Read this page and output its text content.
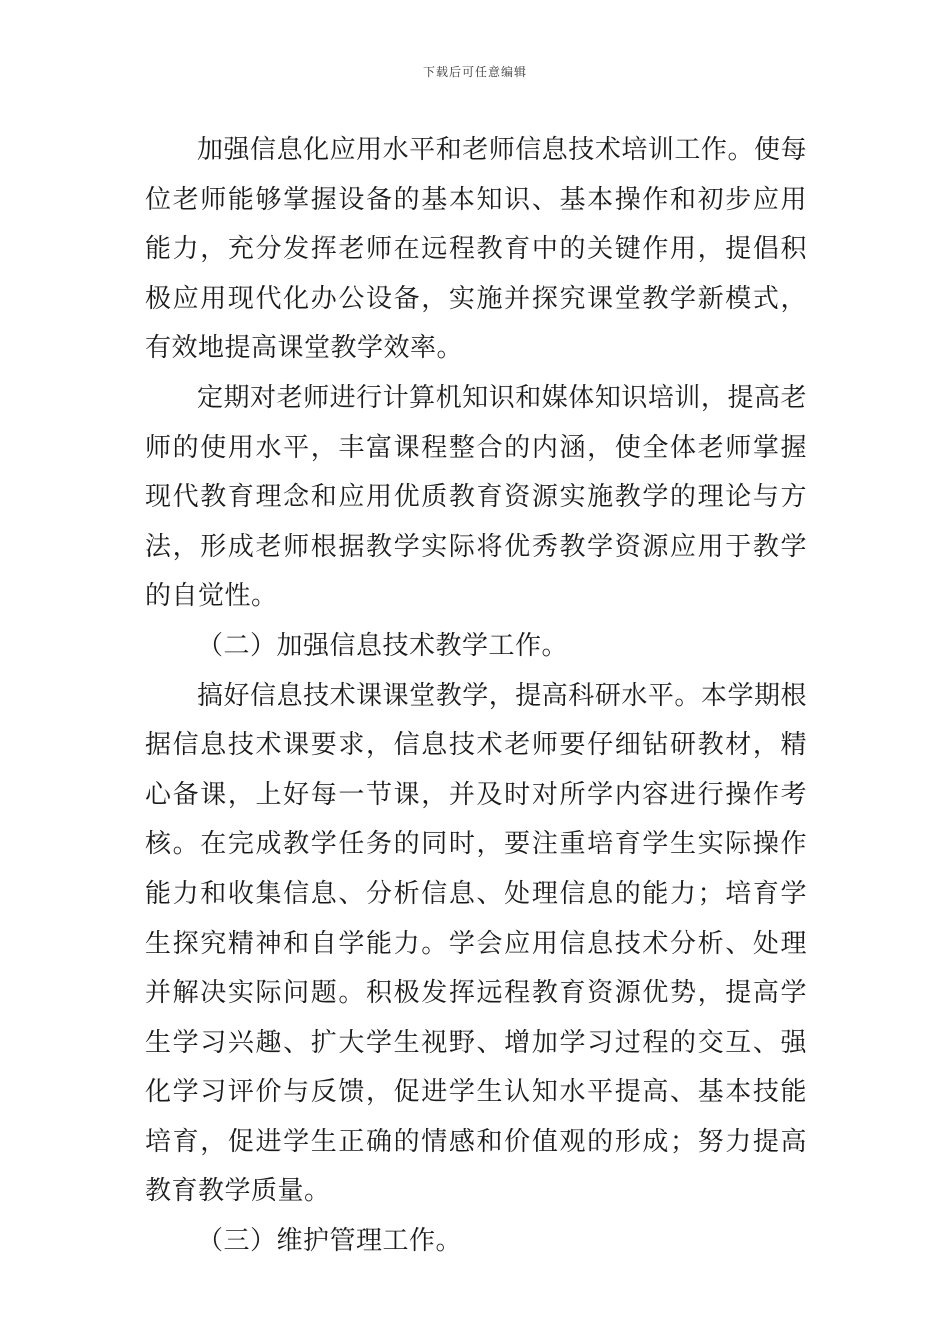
下载后可任意编辑

加强信息化应用水平和老师信息技术培训工作。使每位老师能够掌握设备的基本知识、基本操作和初步应用能力，充分发挥老师在远程教育中的关键作用，提倡积极应用现代化办公设备，实施并探究课堂教学新模式，有效地提高课堂教学效率。

定期对老师进行计算机知识和媒体知识培训，提高老师的使用水平，丰富课程整合的内涵，使全体老师掌握现代教育理念和应用优质教育资源实施教学的理论与方法，形成老师根据教学实际将优秀教学资源应用于教学的自觉性。

（二）加强信息技术教学工作。

搞好信息技术课课堂教学，提高科研水平。本学期根据信息技术课要求，信息技术老师要仔细钻研教材，精心备课，上好每一节课，并及时对所学内容进行操作考核。在完成教学任务的同时，要注重培育学生实际操作能力和收集信息、分析信息、处理信息的能力；培育学生探究精神和自学能力。学会应用信息技术分析、处理并解决实际问题。积极发挥远程教育资源优势，提高学生学习兴趣、扩大学生视野、增加学习过程的交互、强化学习评价与反馈，促进学生认知水平提高、基本技能培育，促进学生正确的情感和价值观的形成；努力提高教育教学质量。

（三）维护管理工作。
